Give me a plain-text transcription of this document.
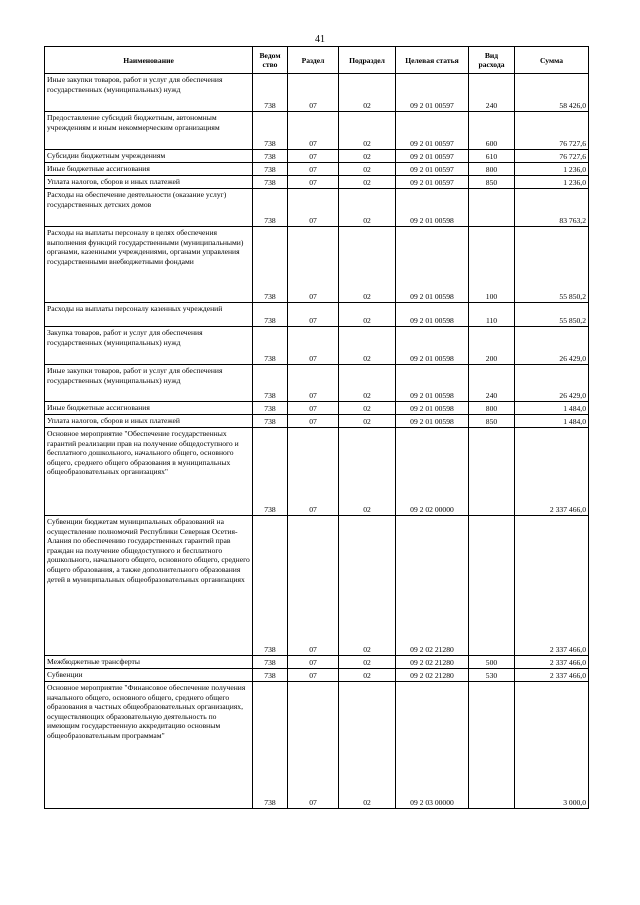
41
Наименование	Ведом ство	Раздел	Подраздел	Целевая статья	Вид расхода	Сумма
Иные закупки товаров, работ и услуг для обеспечения государственных (муниципальных) нужд	738	07	02	09 2 01 00597	240	58 426,0
Предоставление субсидий бюджетным, автономным учреждениям и иным некоммерческим организациям	738	07	02	09 2 01 00597	600	76 727,6
Субсидии бюджетным учреждениям	738	07	02	09 2 01 00597	610	76 727,6
Иные бюджетные ассигнования	738	07	02	09 2 01 00597	800	1 236,0
Уплата налогов, сборов и иных платежей	738	07	02	09 2 01 00597	850	1 236,0
Расходы на обеспечение деятельности (оказание услуг) государственных детских домов	738	07	02	09 2 01 00598		83 763,2
Расходы на выплаты персоналу в целях обеспечения выполнения функций государственными (муниципальными) органами, казенными учреждениями, органами управления государственными внебюджетными фондами	738	07	02	09 2 01 00598	100	55 850,2
Расходы на выплаты персоналу казенных учреждений	738	07	02	09 2 01 00598	110	55 850,2
Закупка товаров, работ и услуг для обеспечения государственных (муниципальных) нужд	738	07	02	09 2 01 00598	200	26 429,0
Иные закупки товаров, работ и услуг для обеспечения государственных (муниципальных) нужд	738	07	02	09 2 01 00598	240	26 429,0
Иные бюджетные ассигнования	738	07	02	09 2 01 00598	800	1 484,0
Уплата налогов, сборов и иных платежей	738	07	02	09 2 01 00598	850	1 484,0
Основное мероприятие "Обеспечение государственных гарантий реализации прав на получение общедоступного и бесплатного дошкольного, начального общего, основного общего, среднего общего образования в муниципальных общеобразовательных организациях"	738	07	02	09 2 02 00000		2 337 466,0
Субвенции бюджетам муниципальных образований на осуществление полномочий Республики Северная Осетия-Алания по обеспечению государственных гарантий прав граждан на получение общедоступного и бесплатного дошкольного, начального общего, основного общего, среднего общего образования, а также дополнительного образования детей в муниципальных общеобразовательных организациях	738	07	02	09 2 02 21280		2 337 466,0
Межбюджетные трансферты	738	07	02	09 2 02 21280	500	2 337 466,0
Субвенции	738	07	02	09 2 02 21280	530	2 337 466,0
Основное мероприятие "Финансовое обеспечение получения начального общего, основного общего, среднего общего образования в частных общеобразовательных организациях, осуществляющих образовательную деятельность по имеющим государственную аккредитацию основным общеобразовательным программам"	738	07	02	09 2 03 00000		3 000,0
